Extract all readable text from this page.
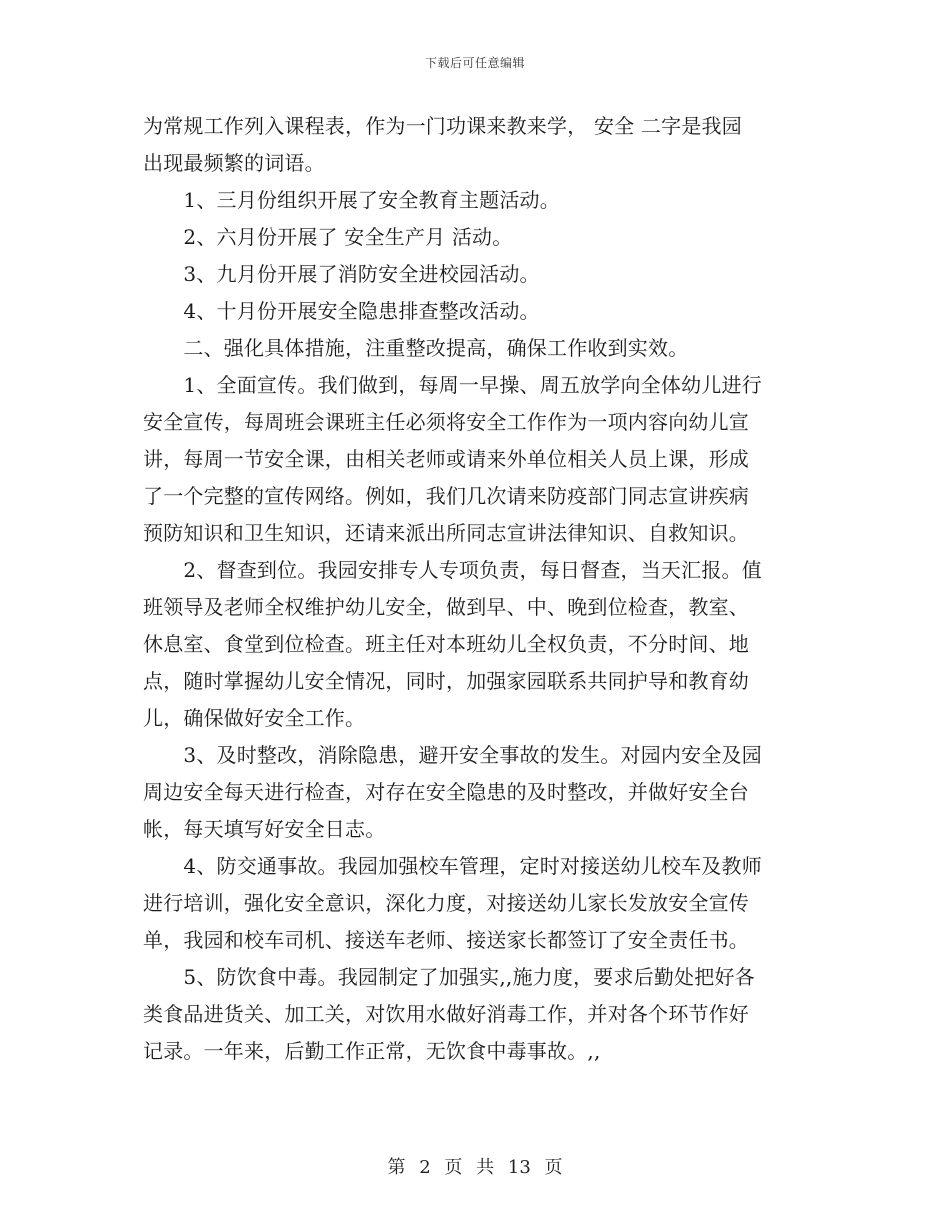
下载后可任意编辑
为常规工作列入课程表，作为一门功课来教来学， 安全 二字是我园
出现最频繁的词语。
　　1、三月份组织开展了安全教育主题活动。
　　2、六月份开展了 安全生产月 活动。
　　3、九月份开展了消防安全进校园活动。
　　4、十月份开展安全隐患排查整改活动。
　　二、强化具体措施，注重整改提高，确保工作收到实效。
　　1、全面宣传。我们做到，每周一早操、周五放学向全体幼儿进行
安全宣传，每周班会课班主任必须将安全工作作为一项内容向幼儿宣
讲，每周一节安全课，由相关老师或请来外单位相关人员上课，形成
了一个完整的宣传网络。例如，我们几次请来防疫部门同志宣讲疾病
预防知识和卫生知识，还请来派出所同志宣讲法律知识、自救知识。
　　2、督查到位。我园安排专人专项负责，每日督查，当天汇报。值
班领导及老师全权维护幼儿安全，做到早、中、晚到位检查，教室、
休息室、食堂到位检查。班主任对本班幼儿全权负责，不分时间、地
点，随时掌握幼儿安全情况，同时，加强家园联系共同护导和教育幼
儿，确保做好安全工作。
　　3、及时整改，消除隐患，避开安全事故的发生。对园内安全及园
周边安全每天进行检查，对存在安全隐患的及时整改，并做好安全台
帐，每天填写好安全日志。
　　4、防交通事故。我园加强校车管理，定时对接送幼儿校车及教师
进行培训，强化安全意识，深化力度，对接送幼儿家长发放安全宣传
单，我园和校车司机、接送车老师、接送家长都签订了安全责任书。
　　5、防饮食中毒。我园制定了加强实,,施力度，要求后勤处把好各
类食品进货关、加工关，对饮用水做好消毒工作，并对各个环节作好
记录。一年来，后勤工作正常，无饮食中毒事故。,,
第 2 页 共 13 页
